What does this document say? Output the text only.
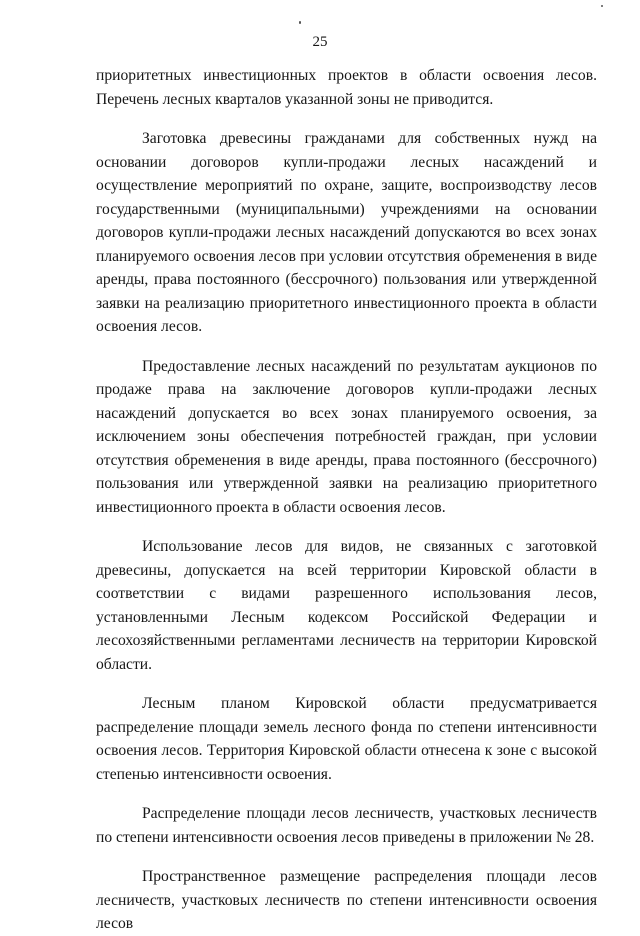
25

приоритетных инвестиционных проектов в области освоения лесов. Перечень лесных кварталов указанной зоны не приводится.

Заготовка древесины гражданами для собственных нужд на основании договоров купли-продажи лесных насаждений и осуществление мероприятий по охране, защите, воспроизводству лесов государственными (муниципальными) учреждениями на основании договоров купли-продажи лесных насаждений допускаются во всех зонах планируемого освоения лесов при условии отсутствия обременения в виде аренды, права постоянного (бессрочного) пользования или утвержденной заявки на реализацию приоритетного инвестиционного проекта в области освоения лесов.

Предоставление лесных насаждений по результатам аукционов по продаже права на заключение договоров купли-продажи лесных насаждений допускается во всех зонах планируемого освоения, за исключением зоны обеспечения потребностей граждан, при условии отсутствия обременения в виде аренды, права постоянного (бессрочного) пользования или утвержденной заявки на реализацию приоритетного инвестиционного проекта в области освоения лесов.

Использование лесов для видов, не связанных с заготовкой древесины, допускается на всей территории Кировской области в соответствии с видами разрешенного использования лесов, установленными Лесным кодексом Российской Федерации и лесохозяйственными регламентами лесничеств на территории Кировской области.

Лесным планом Кировской области предусматривается распределение площади земель лесного фонда по степени интенсивности освоения лесов. Территория Кировской области отнесена к зоне с высокой степенью интенсивности освоения.

Распределение площади лесов лесничеств, участковых лесничеств по степени интенсивности освоения лесов приведены в приложении № 28.

Пространственное размещение распределения площади лесов лесничеств, участковых лесничеств по степени интенсивности освоения лесов
